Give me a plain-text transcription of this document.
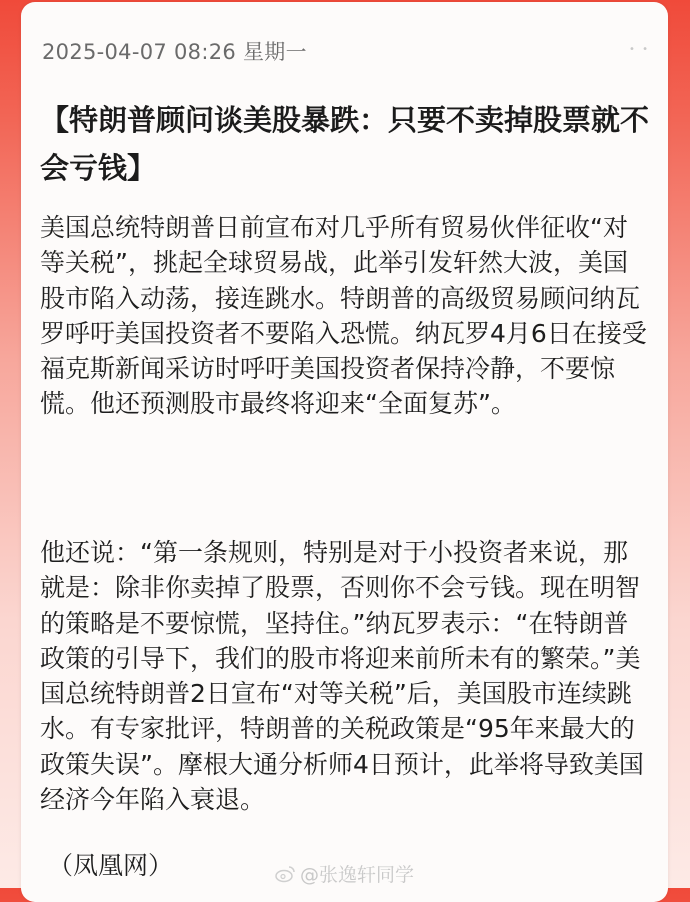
2025-04-07 08:26 星期一	• •
【特朗普顾问谈美股暴跌：只要不卖掉股票就不会亏钱】
美国总统特朗普日前宣布对几乎所有贸易伙伴征收“对等关税”，挑起全球贸易战，此举引发轩然大波，美国股市陷入动荡，接连跳水。特朗普的高级贸易顾问纳瓦罗呼吁美国投资者不要陷入恐慌。纳瓦罗4月6日在接受福克斯新闻采访时呼吁美国投资者保持冷静，不要惊慌。他还预测股市最终将迎来“全面复苏”。
他还说：“第一条规则，特别是对于小投资者来说，那就是：除非你卖掉了股票，否则你不会亏钱。现在明智的策略是不要惊慌，坚持住。”纳瓦罗表示：“在特朗普政策的引导下，我们的股市将迎来前所未有的繁荣。”美国总统特朗普2日宣布“对等关税”后，美国股市连续跳水。有专家批评，特朗普的关税政策是“95年来最大的政策失误”。摩根大通分析师4日预计，此举将导致美国经济今年陷入衰退。
（凤凰网）	@张逸轩同学
